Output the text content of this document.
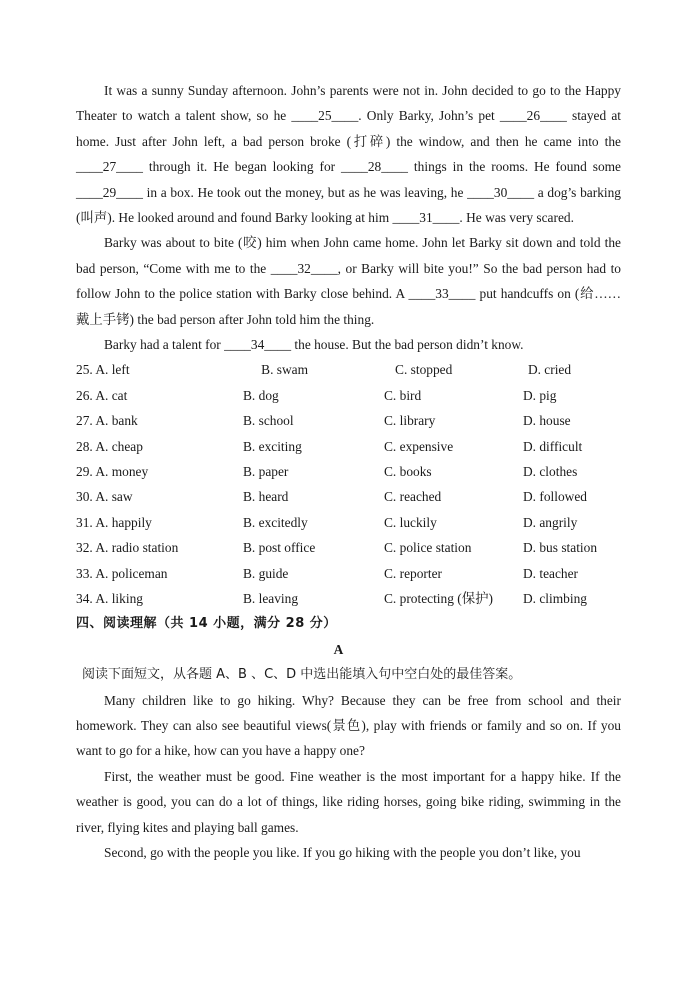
It was a sunny Sunday afternoon. John’s parents were not in. John decided to go to the Happy Theater to watch a talent show, so he ____25____. Only Barky, John’s pet ____26____ stayed at home. Just after John left, a bad person broke (打碎) the window, and then he came into the ____27____ through it. He began looking for ____28____ things in the rooms. He found some ____29____ in a box. He took out the money, but as he was leaving, he ____30____ a dog’s barking (叫声). He looked around and found Barky looking at him ____31____. He was very scared.

Barky was about to bite (咬) him when John came home. John let Barky sit down and told the bad person, “Come with me to the ____32____, or Barky will bite you!” So the bad person had to follow John to the police station with Barky close behind. A ____33____ put handcuffs on (给……戴上手铐) the bad person after John told him the thing.

Barky had a talent for ____34____ the house. But the bad person didn’t know.

25. A. left	B. swam	C. stopped	D. cried
26. A. cat	B. dog	C. bird	D. pig
27. A. bank	B. school	C. library	D. house
28. A. cheap	B. exciting	C. expensive	D. difficult
29. A. money	B. paper	C. books	D. clothes
30. A. saw	B. heard	C. reached	D. followed
31. A. happily	B. excitedly	C. luckily	D. angrily
32. A. radio station	B. post office	C. police station	D. bus station
33. A. policeman	B. guide	C. reporter	D. teacher
34. A. liking	B. leaving	C. protecting (保护)	D. climbing
四、阅读理解（共 14 小题，满分 28 分）
A
阅读下面短文，从各题 A、B 、C、D 中选出能填入句中空白处的最佳答案。

Many children like to go hiking. Why? Because they can be free from school and their homework. They can also see beautiful views(景色), play with friends or family and so on. If you want to go for a hike, how can you have a happy one?

First, the weather must be good. Fine weather is the most important for a happy hike. If the weather is good, you can do a lot of things, like riding horses, going bike riding, swimming in the river, flying kites and playing ball games.

Second, go with the people you like. If you go hiking with the people you don’t like, you
